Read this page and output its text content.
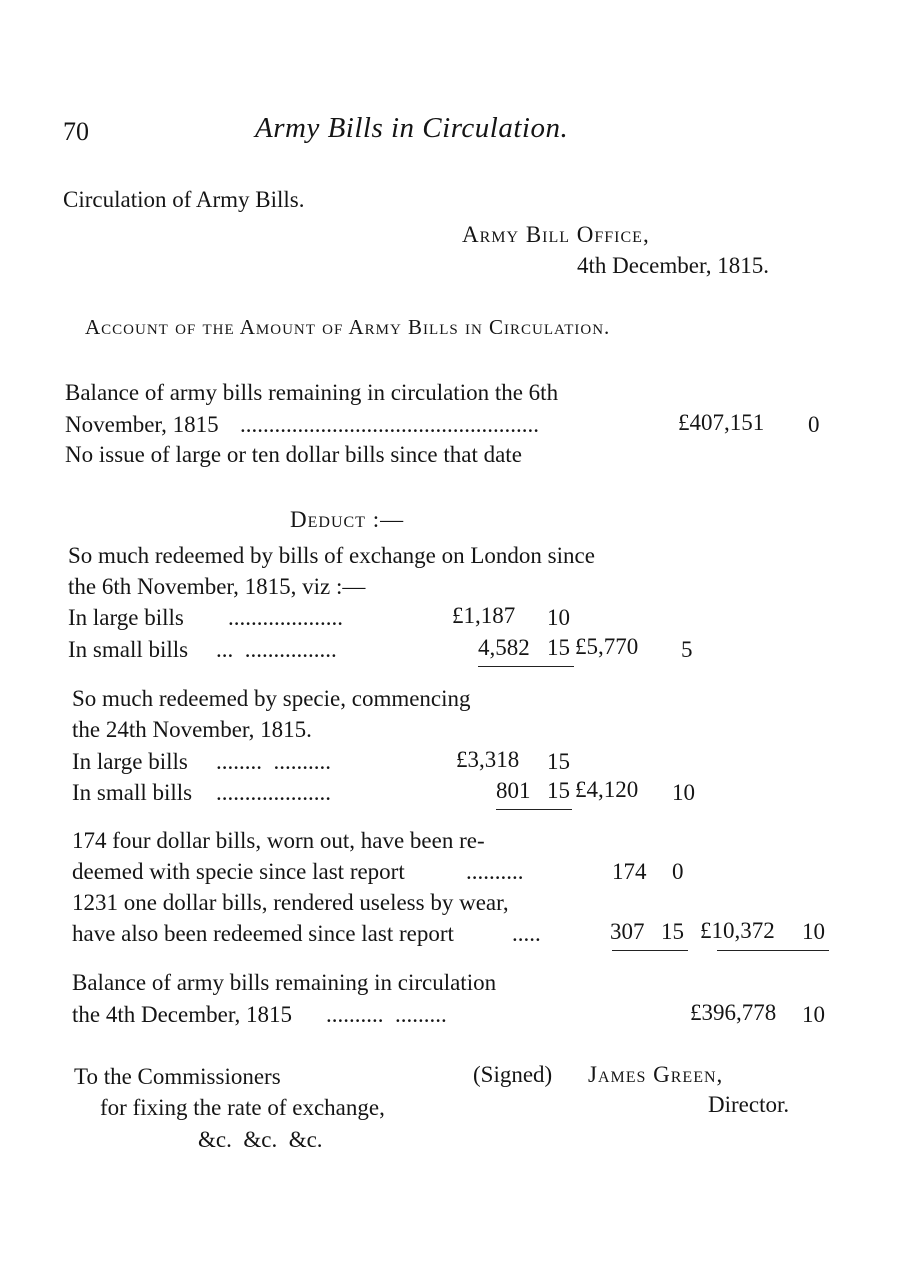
70	Army Bills in Circulation.
Circulation of Army Bills.
Army Bill Office,
4th December, 1815.
Account of the Amount of Army Bills in Circulation.
Balance of army bills remaining in circulation the 6th
November, 1815 ....................................................	£407,151 0
No issue of large or ten dollar bills since that date
Deduct :—
So much redeemed by bills of exchange on London since
the 6th November, 1815, viz :—
In large bills ....................	£1,187 10
In small bills ...  ................	4,582 15 £5,770 5
So much redeemed by specie, commencing
the 24th November, 1815.
In large bills ........  ..........	£3,318 15
In small bills ....................	801 15 £4,120 10
174 four dollar bills, worn out, have been re-
deemed with specie since last report	..........	174 0
1231 one dollar bills, rendered useless by wear,
have also been redeemed since last report	.....	307 15 £10,372 10
Balance of army bills remaining in circulation
the 4th December, 1815 ..........  .........	£396,778 10
To the Commissioners
for fixing the rate of exchange,
&c.  &c.  &c.
(Signed) James Green,
Director.
